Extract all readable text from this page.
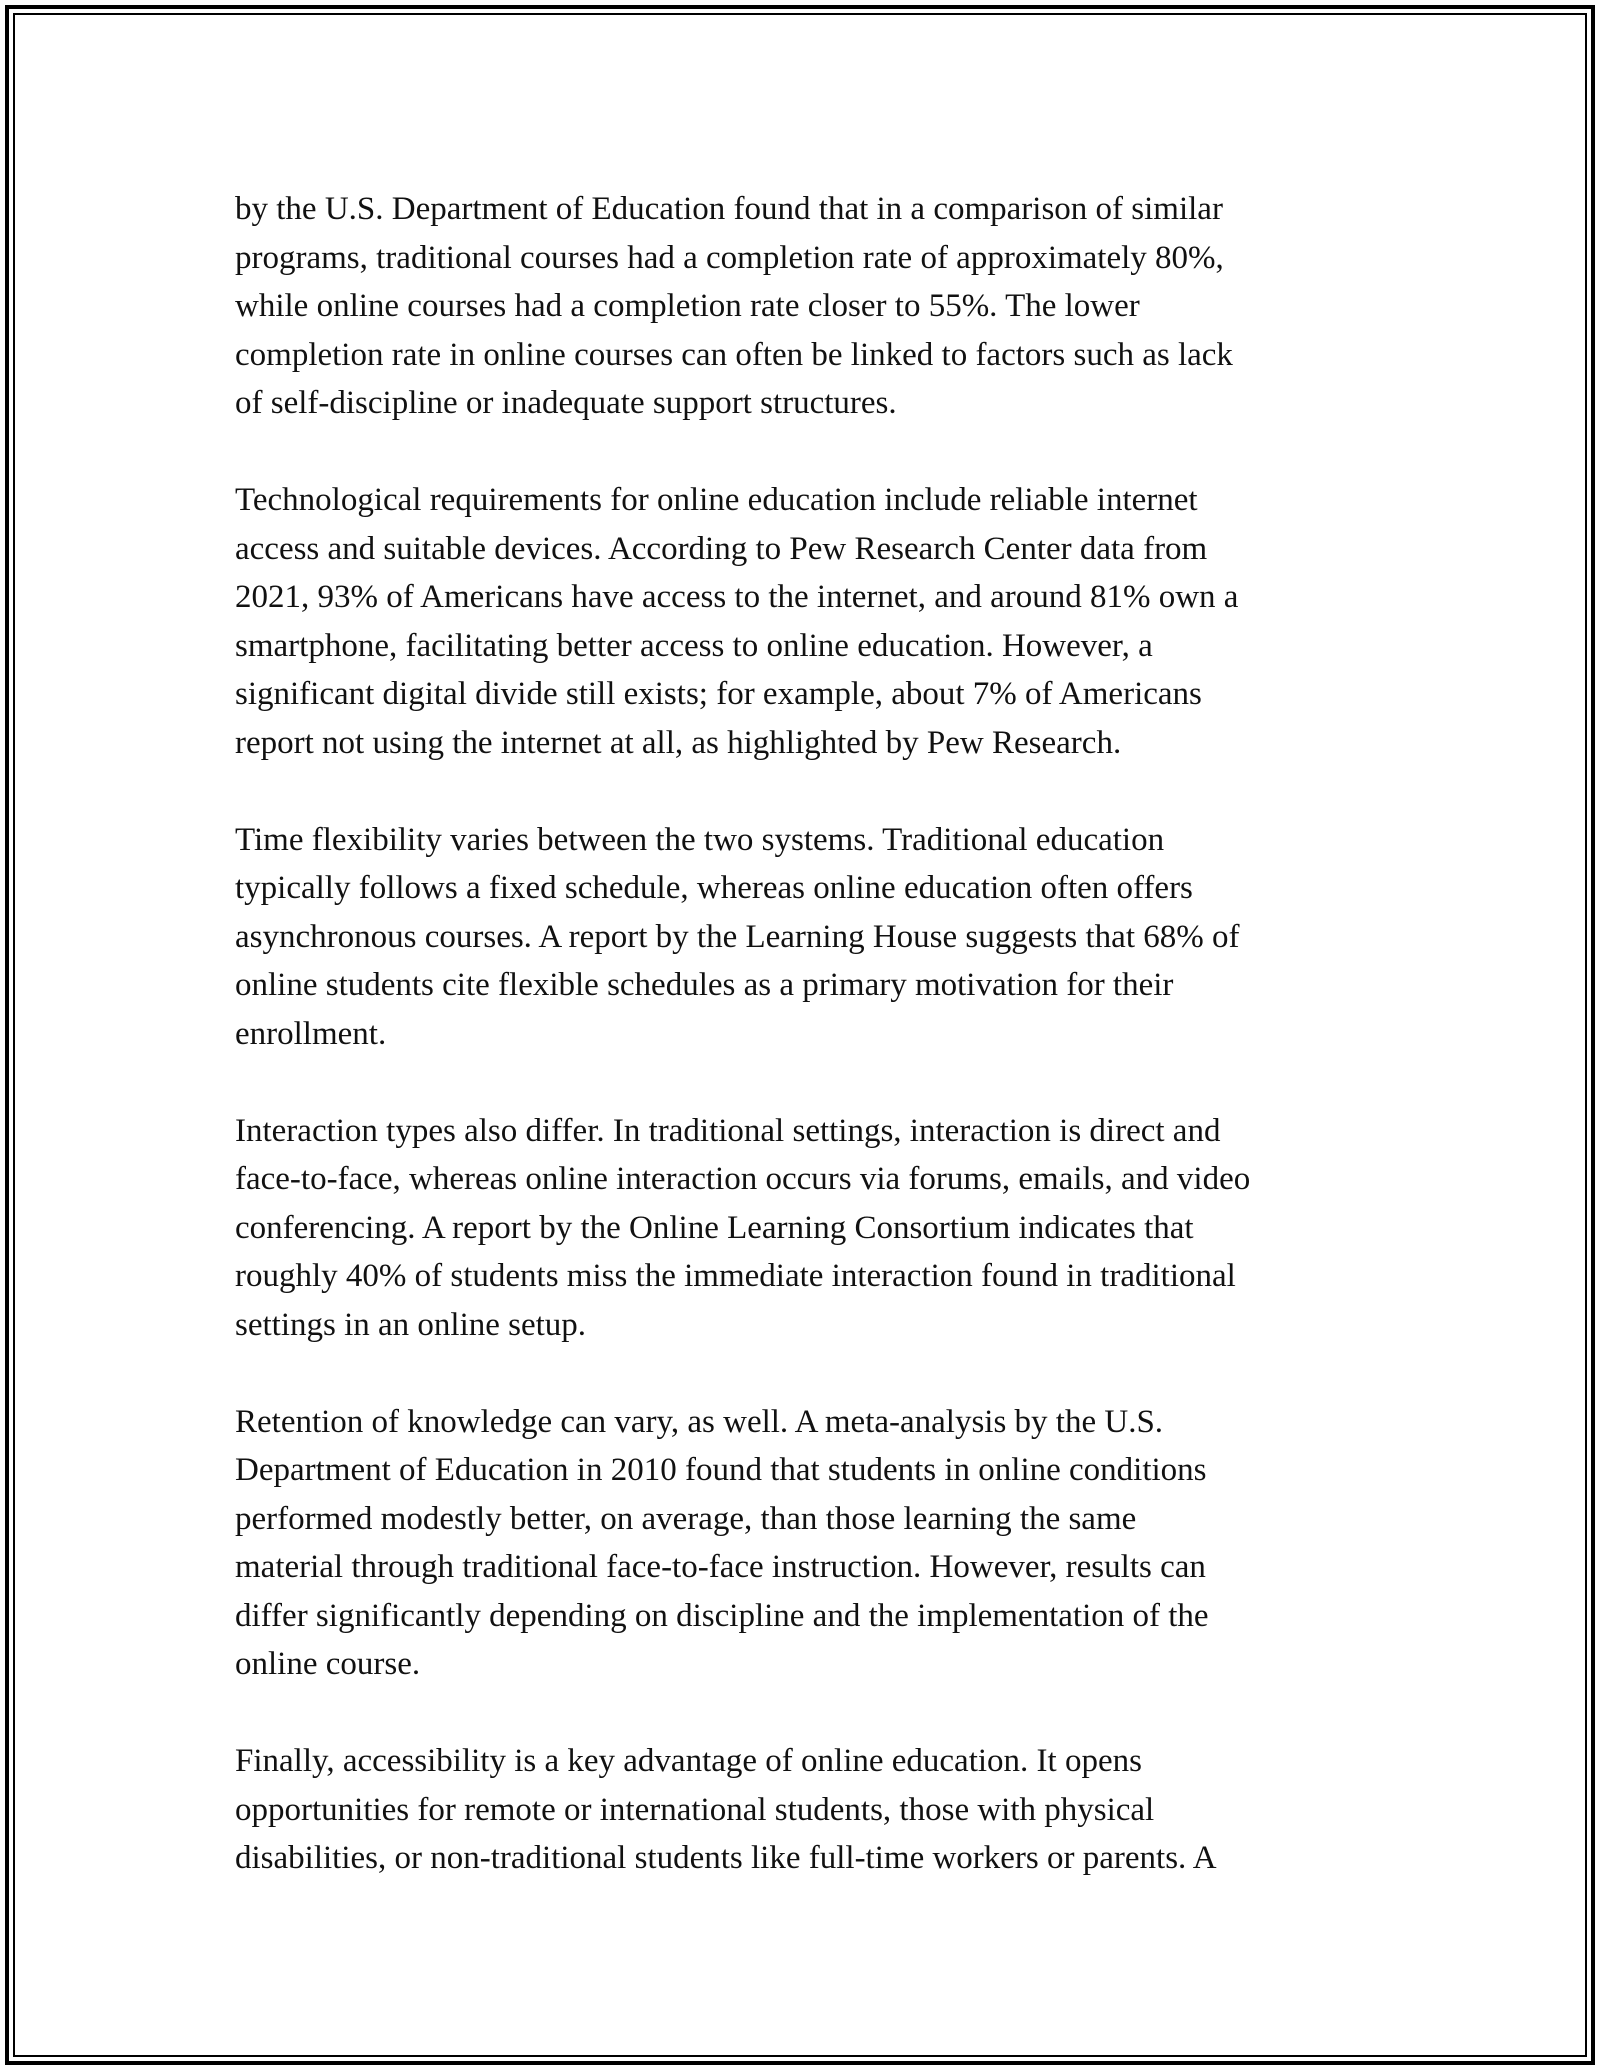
by the U.S. Department of Education found that in a comparison of similar
programs, traditional courses had a completion rate of approximately 80%,
while online courses had a completion rate closer to 55%. The lower
completion rate in online courses can often be linked to factors such as lack
of self-discipline or inadequate support structures.

Technological requirements for online education include reliable internet
access and suitable devices. According to Pew Research Center data from
2021, 93% of Americans have access to the internet, and around 81% own a
smartphone, facilitating better access to online education. However, a
significant digital divide still exists; for example, about 7% of Americans
report not using the internet at all, as highlighted by Pew Research.

Time flexibility varies between the two systems. Traditional education
typically follows a fixed schedule, whereas online education often offers
asynchronous courses. A report by the Learning House suggests that 68% of
online students cite flexible schedules as a primary motivation for their
enrollment.

Interaction types also differ. In traditional settings, interaction is direct and
face-to-face, whereas online interaction occurs via forums, emails, and video
conferencing. A report by the Online Learning Consortium indicates that
roughly 40% of students miss the immediate interaction found in traditional
settings in an online setup.

Retention of knowledge can vary, as well. A meta-analysis by the U.S.
Department of Education in 2010 found that students in online conditions
performed modestly better, on average, than those learning the same
material through traditional face-to-face instruction. However, results can
differ significantly depending on discipline and the implementation of the
online course.

Finally, accessibility is a key advantage of online education. It opens
opportunities for remote or international students, those with physical
disabilities, or non-traditional students like full-time workers or parents. A
